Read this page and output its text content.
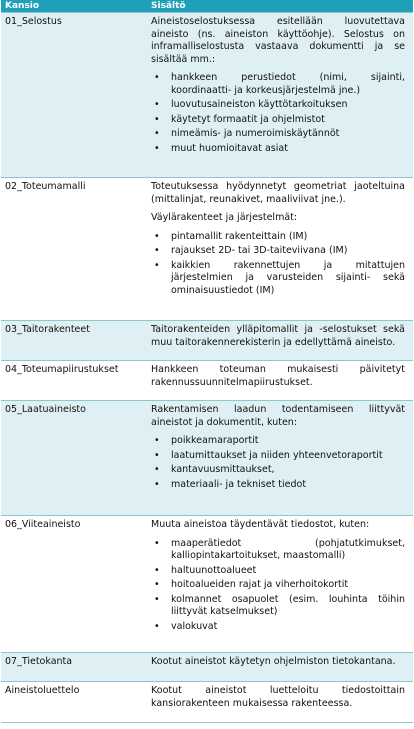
Kansio	Sisältö
01_Selostus	Aineistoselostuksessa esitellään luovutettava aineisto (ns. aineiston käyttöohje). Selostus on inframalliselostusta vastaava dokumentti ja se sisältää mm.:

• hankkeen perustiedot (nimi, sijainti, koordinaatti- ja korkeusjärjestelmä jne.)
• luovutusaineiston käyttötarkoituksen
• käytetyt formaatit ja ohjelmistot
• nimeämis- ja numeroimiskäytännöt
• muut huomioitavat asiat
02_Toteumamalli	Toteutuksessa hyödynnetyt geometriat jaoteltuina (mittalinjat, reunakivet, maaliviivat jne.).

Väylärakenteet ja järjestelmät:

• pintamallit rakenteittain (IM)
• rajaukset 2D- tai 3D-taiteviivana (IM)
• kaikkien rakennettujen ja mitattujen järjestelmien ja varusteiden sijainti- sekä ominaisuustiedot (IM)
03_Taitorakenteet	Taitorakenteiden ylläpitomallit ja -selostukset sekä muu taitorakennerekisterin ja edellyttämä aineisto.

04_Toteumapiirustukset	Hankkeen toteuman mukaisesti päivitetyt rakennussuunnitelmapiirustukset.

05_Laatuaineisto	Rakentamisen laadun todentamiseen liittyvät aineistot ja dokumentit, kuten:

• poikkeamaraportit
• laatumittaukset ja niiden yhteenvetoraportit
• kantavuusmittaukset,
• materiaali- ja tekniset tiedot
06_Viiteaineisto	Muuta aineistoa täydentävät tiedostot, kuten:

• maaperätiedot (pohjatutkimukset, kalliopintakartoitukset, maastomalli)
• haltuunottoalueet
• hoitoalueiden rajat ja viherhoitokortit
• kolmannet osapuolet (esim. louhinta töihin liittyvät katselmukset)
• valokuvat
07_Tietokanta	Kootut aineistot käytetyn ohjelmiston tietokantana.

Aineistoluettelo	Kootut aineistot luetteloitu tiedostoittain kansiorakenteen mukaisessa rakenteessa.
